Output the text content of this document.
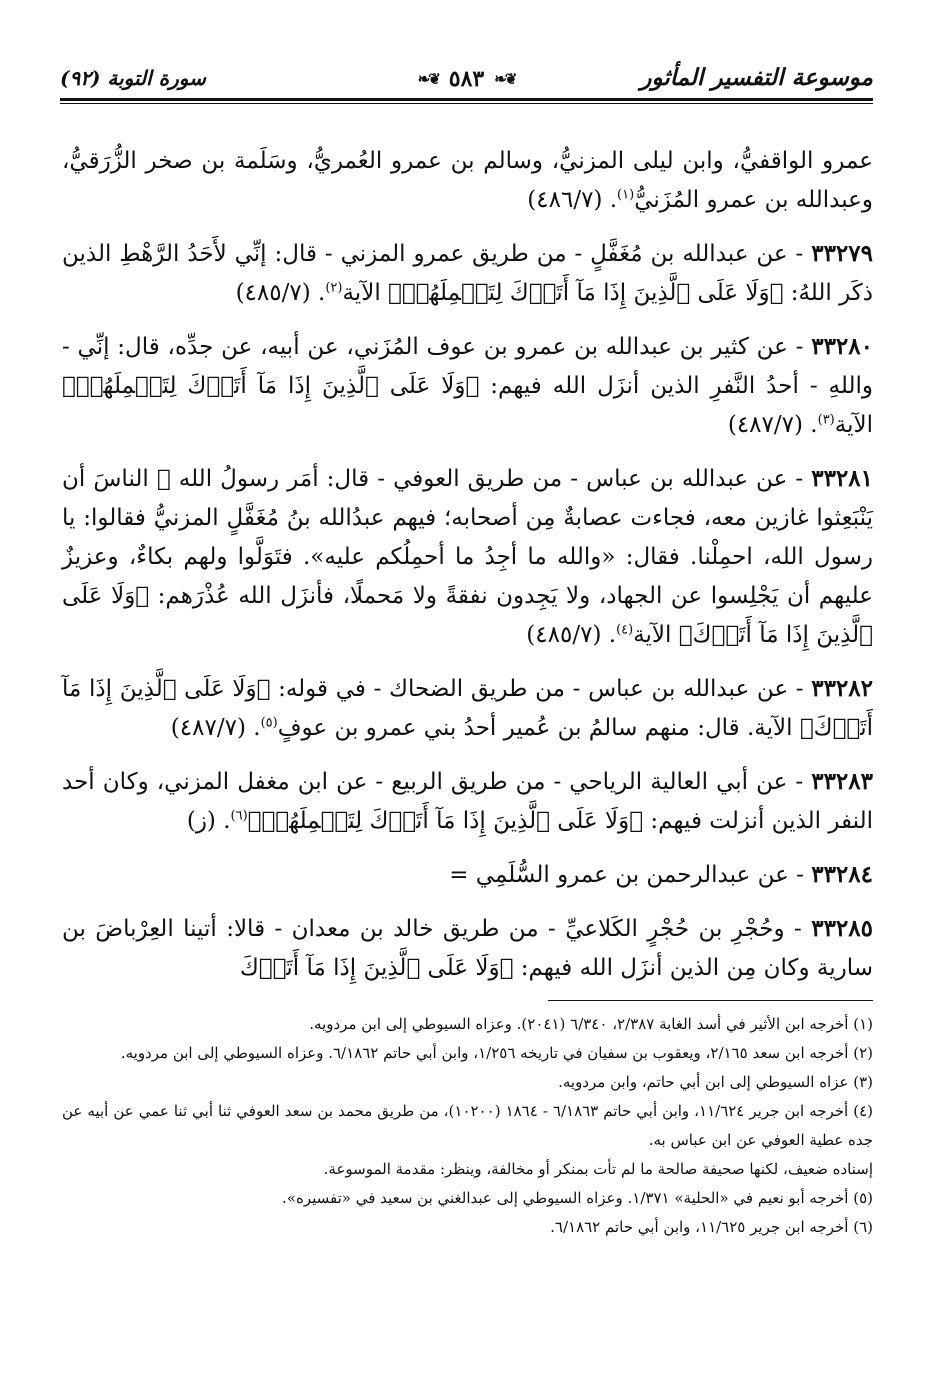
موسوعة التفسير المأثور
❦❧
٥٨٣
❦❧
سورة التوبة (٩٢)

عمرو الواقفيُّ، وابن ليلى المزنيُّ، وسالم بن عمرو العُمريُّ، وسَلَمة بن صخر الزُّرَقيُّ، وعبدالله بن عمرو المُزَنيُّ$^{(١)}$. (٤٨٦/٧)

٣٣٢٧٩ - عن عبدالله بن مُغَفَّلٍ - من طريق عمرو المزني - قال: إنِّي لأَحَدُ الرَّهْطِ الذين ذكَر اللهُ: ﴿وَلَا عَلَى ٱلَّذِينَ إِذَا مَآ أَتَوۡكَ لِتَحۡمِلَهُمۡ﴾ الآية$^{(٢)}$. (٤٨٥/٧)

٣٣٢٨٠ - عن كثير بن عبدالله بن عمرو بن عوف المُزَني، عن أبيه، عن جدِّه، قال: إنِّي - واللهِ - أحدُ النَّفرِ الذين أنزَل الله فيهم: ﴿وَلَا عَلَى ٱلَّذِينَ إِذَا مَآ أَتَوۡكَ لِتَحۡمِلَهُمۡ﴾ الآية$^{(٣)}$. (٤٨٧/٧)

٣٣٢٨١ - عن عبدالله بن عباس - من طريق العوفي - قال: أمَر رسولُ الله ﷺ الناسَ أن يَنْبَعِثوا غازين معه، فجاءت عصابةٌ مِن أصحابه؛ فيهم عبدُالله بنُ مُغَفَّلٍ المزنيُّ فقالوا: يا رسول الله، احمِلْنا. فقال: «والله ما أجِدُ ما أحمِلُكم عليه». فتَوَلَّوا ولهم بكاءٌ، وعزيزٌ عليهم أن يَجْلِسوا عن الجهاد، ولا يَجِدون نفقةً ولا مَحملًا، فأنزَل الله عُذْرَهم: ﴿وَلَا عَلَى ٱلَّذِينَ إِذَا مَآ أَتَوۡكَ﴾ الآية$^{(٤)}$. (٤٨٥/٧)

٣٣٢٨٢ - عن عبدالله بن عباس - من طريق الضحاك - في قوله: ﴿وَلَا عَلَى ٱلَّذِينَ إِذَا مَآ أَتَوۡكَ﴾ الآية. قال: منهم سالمُ بن عُمير أحدُ بني عمرو بن عوفٍ$^{(٥)}$. (٤٨٧/٧)

٣٣٢٨٣ - عن أبي العالية الرياحي - من طريق الربيع - عن ابن مغفل المزني، وكان أحد النفر الذين أنزلت فيهم: ﴿وَلَا عَلَى ٱلَّذِينَ إِذَا مَآ أَتَوۡكَ لِتَحۡمِلَهُمۡ﴾$^{(٦)}$. (ز)

٣٣٢٨٤ - عن عبدالرحمن بن عمرو السُّلَمِي =

٣٣٢٨٥ - وحُجْرِ بن حُجْرٍ الكَلاعيِّ - من طريق خالد بن معدان - قالا: أتينا العِرْباضَ بن سارية وكان مِن الذين أنزَل الله فيهم: ﴿وَلَا عَلَى ٱلَّذِينَ إِذَا مَآ أَتَوۡكَ

(١) أخرجه ابن الأثير في أسد الغابة ٢/٣٨٧، ٦/٣٤٠ (٢٠٤١). وعزاه السيوطي إلى ابن مردويه.

(٢) أخرجه ابن سعد ٢/١٦٥، ويعقوب بن سفيان في تاريخه ١/٢٥٦، وابن أبي حاتم ٦/١٨٦٢. وعزاه السيوطي إلى ابن مردويه.

(٣) عزاه السيوطي إلى ابن أبي حاتم، وابن مردويه.

(٤) أخرجه ابن جرير ١١/٦٢٤، وابن أبي حاتم ٦/١٨٦٣ - ١٨٦٤ (١٠٢٠٠)، من طريق محمد بن سعد العوفي ثنا أبي ثنا عمي عن أبيه عن جده عطية العوفي عن ابن عباس به.

إسناده ضعيف، لكنها صحيفة صالحة ما لم تأت بمنكر أو مخالفة، وينظر: مقدمة الموسوعة.

(٥) أخرجه أبو نعيم في «الحلية» ١/٣٧١. وعزاه السيوطي إلى عبدالغني بن سعيد في «تفسيره».

(٦) أخرجه ابن جرير ١١/٦٢٥، وابن أبي حاتم ٦/١٨٦٢.
